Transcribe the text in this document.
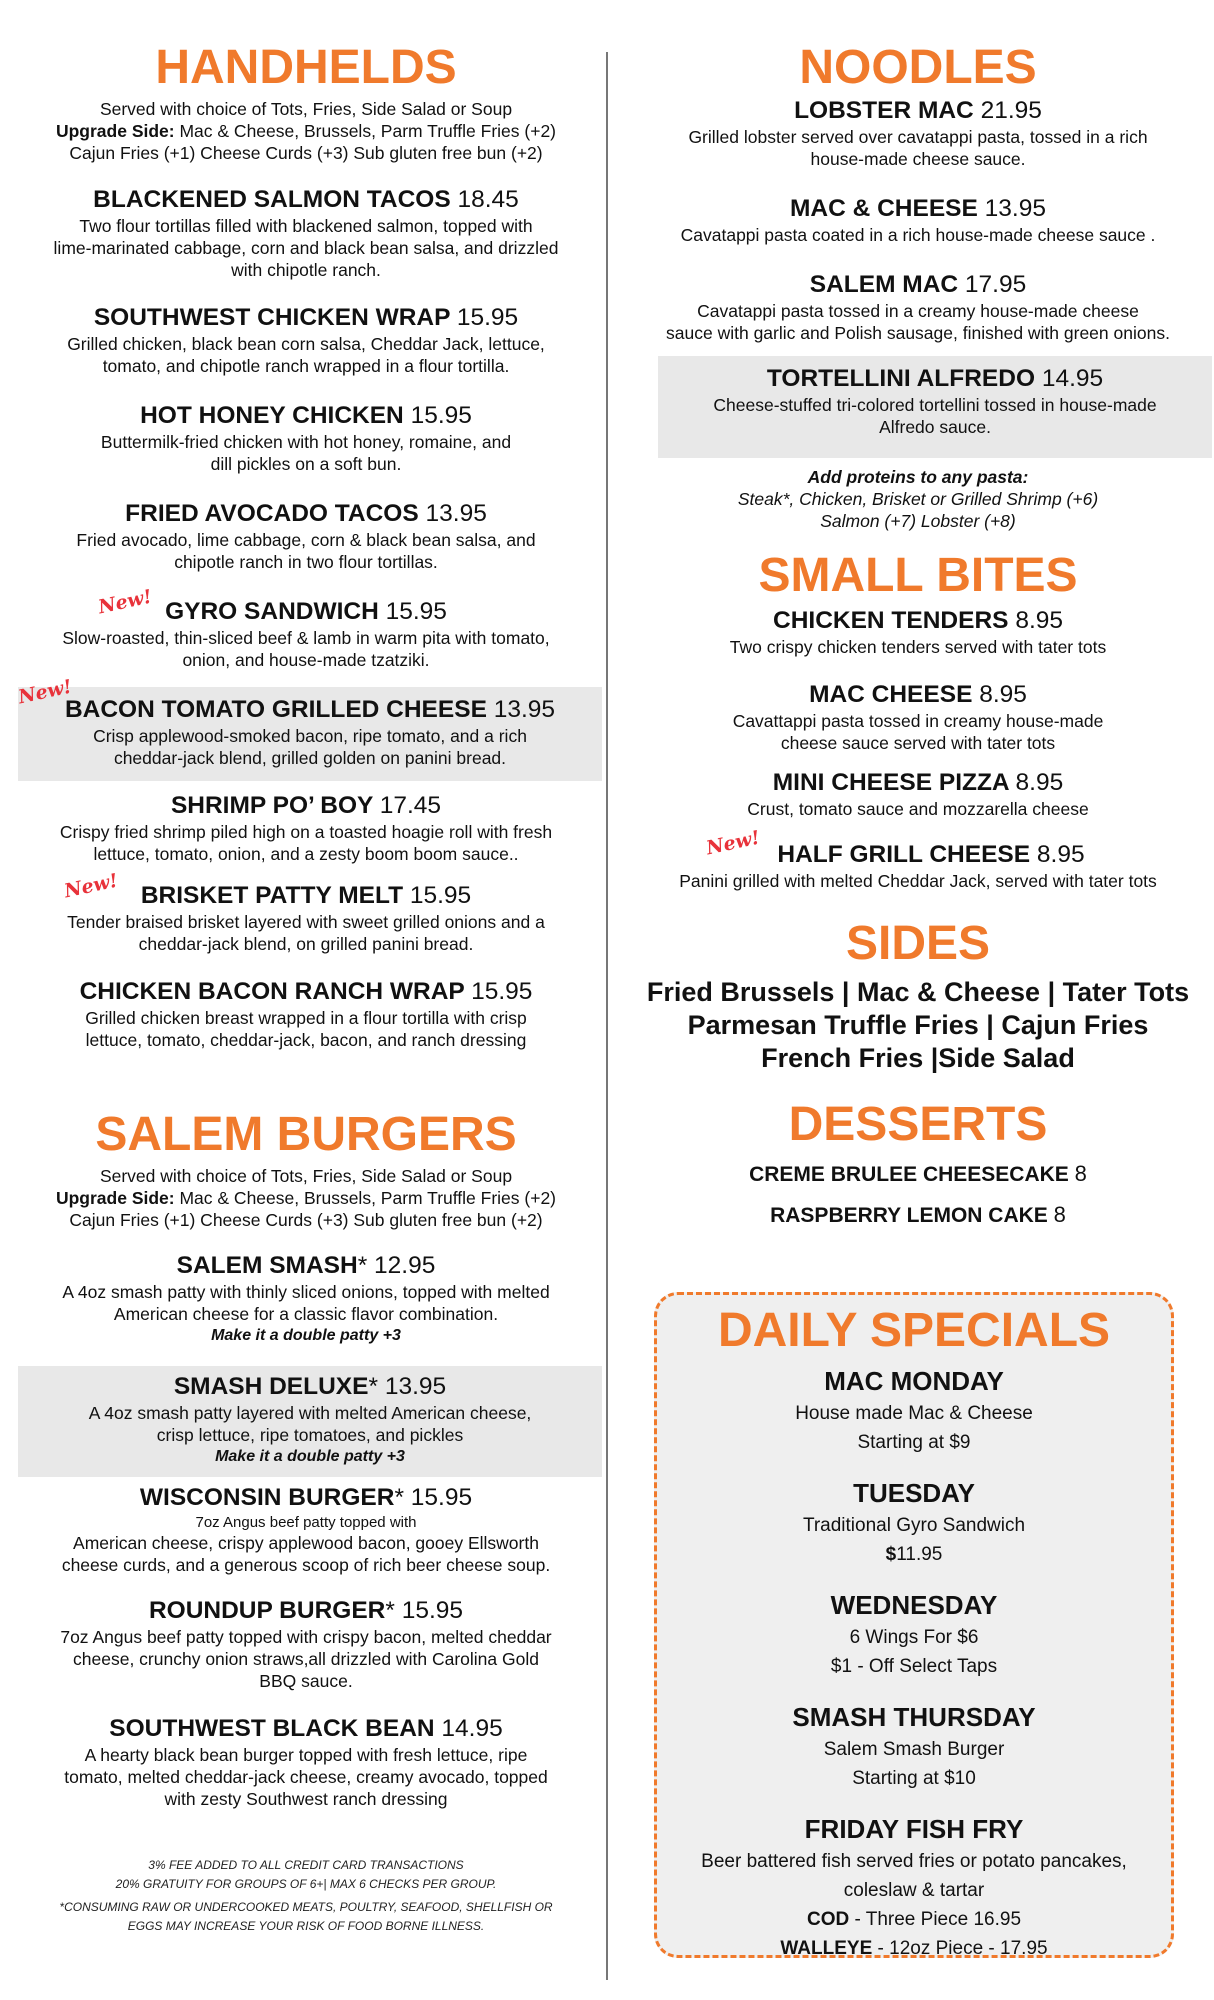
HANDHELDS

Served with choice of Tots, Fries, Side Salad or Soup

Upgrade Side: Mac & Cheese, Brussels, Parm Truffle Fries (+2)

Cajun Fries (+1) Cheese Curds (+3) Sub gluten free bun (+2)

BLACKENED SALMON TACOS 18.45

Two flour tortillas filled with blackened salmon, topped with

lime-marinated cabbage, corn and black bean salsa, and drizzled

with chipotle ranch.

SOUTHWEST CHICKEN WRAP 15.95

Grilled chicken, black bean corn salsa, Cheddar Jack, lettuce,

tomato, and chipotle ranch wrapped in a flour tortilla.

HOT HONEY CHICKEN 15.95

Buttermilk-fried chicken with hot honey, romaine, and

dill pickles on a soft bun.

FRIED AVOCADO TACOS 13.95

Fried avocado, lime cabbage, corn & black bean salsa, and

chipotle ranch in two flour tortillas.

New! GYRO SANDWICH 15.95

Slow-roasted, thin-sliced beef & lamb in warm pita with tomato,

onion, and house-made tzatziki.

New!

BACON TOMATO GRILLED CHEESE 13.95

Crisp applewood-smoked bacon, ripe tomato, and a rich

cheddar-jack blend, grilled golden on panini bread.

SHRIMP PO’ BOY 17.45

Crispy fried shrimp piled high on a toasted hoagie roll with fresh

lettuce, tomato, onion, and a zesty boom boom sauce..

New! BRISKET PATTY MELT 15.95

Tender braised brisket layered with sweet grilled onions and a

cheddar-jack blend, on grilled panini bread.

CHICKEN BACON RANCH WRAP 15.95

Grilled chicken breast wrapped in a flour tortilla with crisp

lettuce, tomato, cheddar-jack, bacon, and ranch dressing

SALEM BURGERS

Served with choice of Tots, Fries, Side Salad or Soup

Upgrade Side: Mac & Cheese, Brussels, Parm Truffle Fries (+2)

Cajun Fries (+1) Cheese Curds (+3) Sub gluten free bun (+2)

SALEM SMASH* 12.95

A 4oz smash patty with thinly sliced onions, topped with melted

American cheese for a classic flavor combination.

Make it a double patty +3

SMASH DELUXE* 13.95

A 4oz smash patty layered with melted American cheese,

crisp lettuce, ripe tomatoes, and pickles

Make it a double patty +3

WISCONSIN BURGER* 15.95

7oz Angus beef patty topped with

American cheese, crispy applewood bacon, gooey Ellsworth

cheese curds, and a generous scoop of rich beer cheese soup.

ROUNDUP BURGER* 15.95

7oz Angus beef patty topped with crispy bacon, melted cheddar

cheese, crunchy onion straws,all drizzled with Carolina Gold

BBQ sauce.

SOUTHWEST BLACK BEAN 14.95

A hearty black bean burger topped with fresh lettuce, ripe

tomato, melted cheddar-jack cheese, creamy avocado, topped

with zesty Southwest ranch dressing

3% FEE ADDED TO ALL CREDIT CARD TRANSACTIONS

20% GRATUITY FOR GROUPS OF 6+| MAX 6 CHECKS PER GROUP.

*CONSUMING RAW OR UNDERCOOKED MEATS, POULTRY, SEAFOOD, SHELLFISH OR

EGGS MAY INCREASE YOUR RISK OF FOOD BORNE ILLNESS.

NOODLES

LOBSTER MAC 21.95

Grilled lobster served over cavatappi pasta, tossed in a rich

house-made cheese sauce.

MAC & CHEESE 13.95

Cavatappi pasta coated in a rich house-made cheese sauce .

SALEM MAC 17.95

Cavatappi pasta tossed in a creamy house-made cheese

sauce with garlic and Polish sausage, finished with green onions.

TORTELLINI ALFREDO 14.95

Cheese-stuffed tri-colored tortellini tossed in house-made

Alfredo sauce.

Add proteins to any pasta:

Steak*, Chicken, Brisket or Grilled Shrimp (+6)

Salmon (+7) Lobster (+8)

SMALL BITES

CHICKEN TENDERS 8.95

Two crispy chicken tenders served with tater tots

MAC CHEESE 8.95

Cavattappi pasta tossed in creamy house-made

cheese sauce served with tater tots

MINI CHEESE PIZZA 8.95

Crust, tomato sauce and mozzarella cheese

New! HALF GRILL CHEESE 8.95

Panini grilled with melted Cheddar Jack, served with tater tots

SIDES

Fried Brussels | Mac & Cheese | Tater Tots

Parmesan Truffle Fries | Cajun Fries

French Fries |Side Salad

DESSERTS

CREME BRULEE CHEESECAKE 8

RASPBERRY LEMON CAKE 8

DAILY SPECIALS

MAC MONDAY

House made Mac & Cheese

Starting at $9

TUESDAY

Traditional Gyro Sandwich

$11.95

WEDNESDAY

6 Wings For $6

$1 - Off Select Taps

SMASH THURSDAY

Salem Smash Burger

Starting at $10

FRIDAY FISH FRY

Beer battered fish served fries or potato pancakes,

coleslaw & tartar

COD - Three Piece 16.95

WALLEYE - 12oz Piece - 17.95
